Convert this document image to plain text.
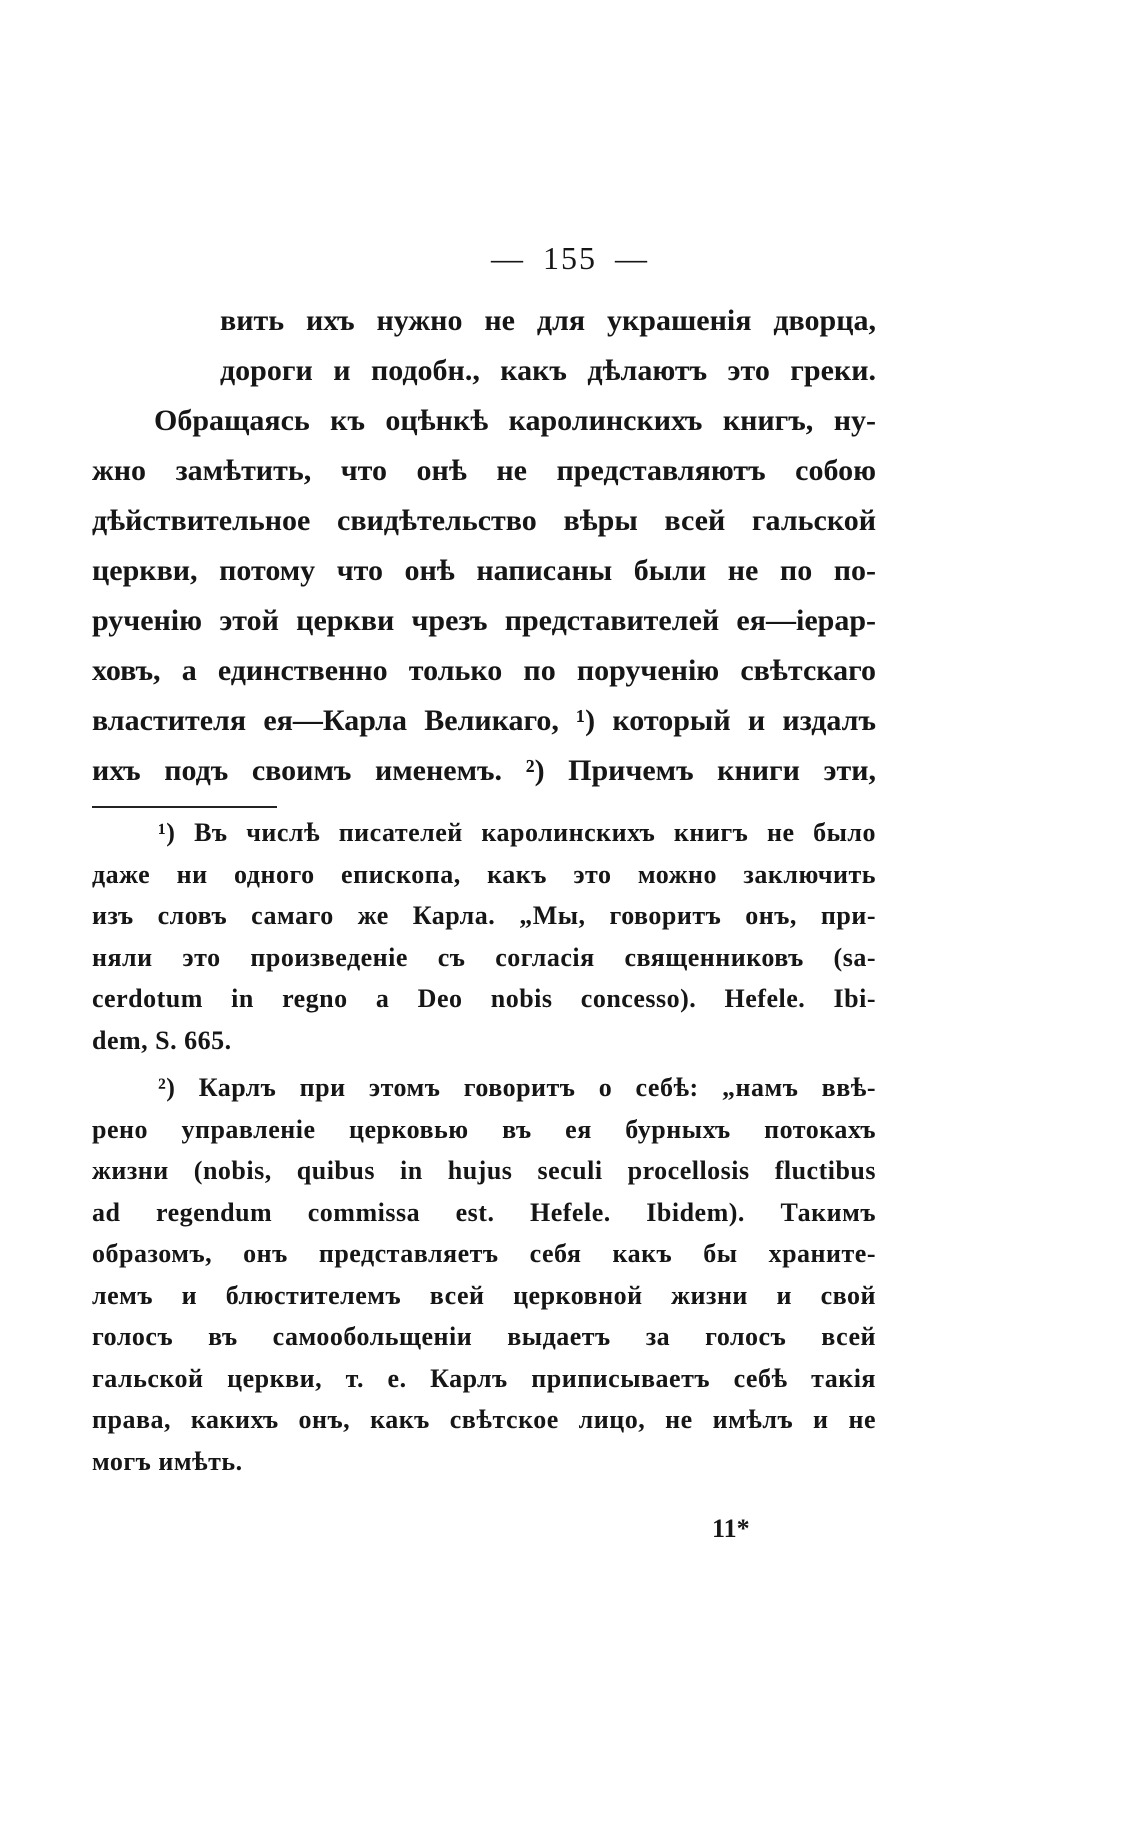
— 155 —
вить ихъ нужно не для украшенія дворца,
дороги и подобн., какъ дѣлаютъ это греки.
Обращаясь къ оцѣнкѣ каролинскихъ книгъ, ну-
жно замѣтить, что онѣ не представляютъ собою
дѣйствительное свидѣтельство вѣры всей гальской
церкви, потому что онѣ написаны были не по по-
рученію этой церкви чрезъ представителей ея—іерар-
ховъ, а единственно только по порученію свѣтскаго
властителя ея—Карла Великаго, ¹) который и издалъ
ихъ подъ своимъ именемъ. ²) Причемъ книги эти,
¹) Въ числѣ писателей каролинскихъ книгъ не было
даже ни одного епископа, какъ это можно заключить
изъ словъ самаго же Карла. „Мы, говоритъ онъ, при-
няли это произведеніе съ согласія священниковъ (sa-
cerdotum in regno a Deo nobis concesso). Hefele. Ibi-
dem, S. 665.
²) Карлъ при этомъ говоритъ о себѣ: „намъ ввѣ-
рено управленіе церковью въ ея бурныхъ потокахъ
жизни (nobis, quibus in hujus seculi procellosis fluctibus
ad regendum commissa est. Hefele. Ibidem). Такимъ
образомъ, онъ представляетъ себя какъ бы храните-
лемъ и блюстителемъ всей церковной жизни и свой
голосъ въ самообольщеніи выдаетъ за голосъ всей
гальской церкви, т. е. Карлъ приписываетъ себѣ такія
права, какихъ онъ, какъ свѣтское лицо, не имѣлъ и не
могъ имѣть.
11*
